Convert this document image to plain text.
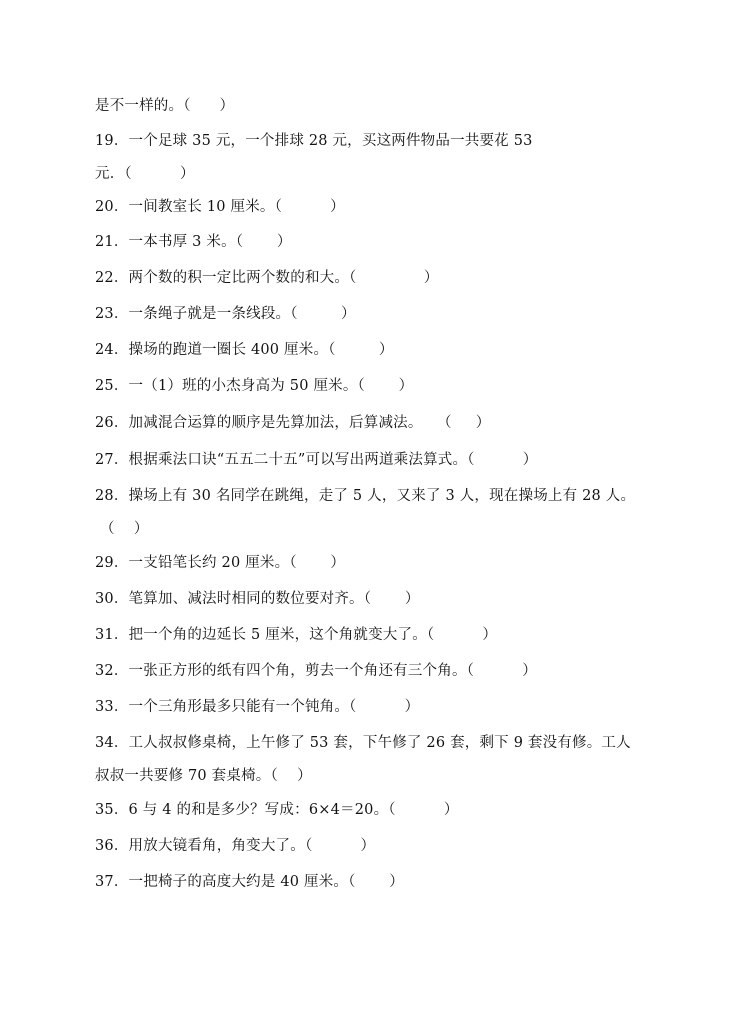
是不一样的。（      ）
19．一个足球 35 元，一个排球 28 元，买这两件物品一共要花 53
元．（          ）
20．一间教室长 10 厘米。（          ）
21．一本书厚 3 米。（       ）
22．两个数的积一定比两个数的和大。（              ）
23．一条绳子就是一条线段。（         ）
24．操场的跑道一圈长 400 厘米。（         ）
25．一（1）班的小杰身高为 50 厘米。（       ）
26．加减混合运算的顺序是先算加法，后算减法。   （     ）
27．根据乘法口诀“五五二十五”可以写出两道乘法算式。（          ）
28．操场上有 30 名同学在跳绳，走了 5 人，又来了 3 人，现在操场上有 28 人。
（    ）
29．一支铅笔长约 20 厘米。（       ）
30．笔算加、减法时相同的数位要对齐。（       ）
31．把一个角的边延长 5 厘米，这个角就变大了。（          ）
32．一张正方形的纸有四个角，剪去一个角还有三个角。（          ）
33．一个三角形最多只能有一个钝角。（          ）
34．工人叔叔修桌椅，上午修了 53 套，下午修了 26 套，剩下 9 套没有修。工人
叔叔一共要修 70 套桌椅。（    ）
35．6 与 4 的和是多少？写成：6×4＝20。（          ）
36．用放大镜看角，角变大了。（          ）
37．一把椅子的高度大约是 40 厘米。（       ）
